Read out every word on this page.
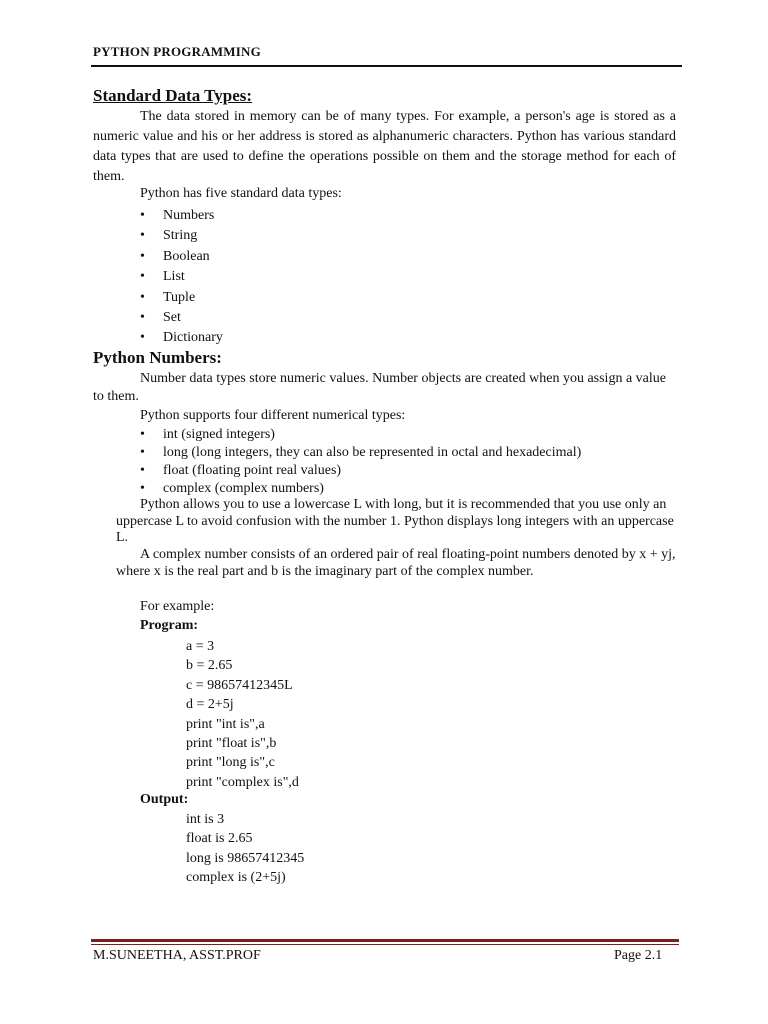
PYTHON PROGRAMMING
Standard Data Types:

The data stored in memory can be of many types. For example, a person's age is stored as a numeric value and his or her address is stored as alphanumeric characters. Python has various standard data types that are used to define the operations possible on them and the storage method for each of them.

Python has five standard data types:
• Numbers
• String
• Boolean
• List
• Tuple
• Set
• Dictionary
Python Numbers:

Number data types store numeric values. Number objects are created when you assign a value to them.

Python supports four different numerical types:
• int (signed integers)
• long (long integers, they can also be represented in octal and hexadecimal)
• float (floating point real values)
• complex (complex numbers)

Python allows you to use a lowercase L with long, but it is recommended that you use only an uppercase L to avoid confusion with the number 1. Python displays long integers with an uppercase L.

A complex number consists of an ordered pair of real floating-point numbers denoted by x + yj, where x is the real part and b is the imaginary part of the complex number.

For example:
Program:
a = 3
b = 2.65
c = 98657412345L
d = 2+5j
print "int is",a
print "float is",b
print "long is",c
print "complex is",d
Output:
int is 3
float is 2.65
long is 98657412345
complex is (2+5j)
M.SUNEETHA, ASST.PROF	Page 2.1
